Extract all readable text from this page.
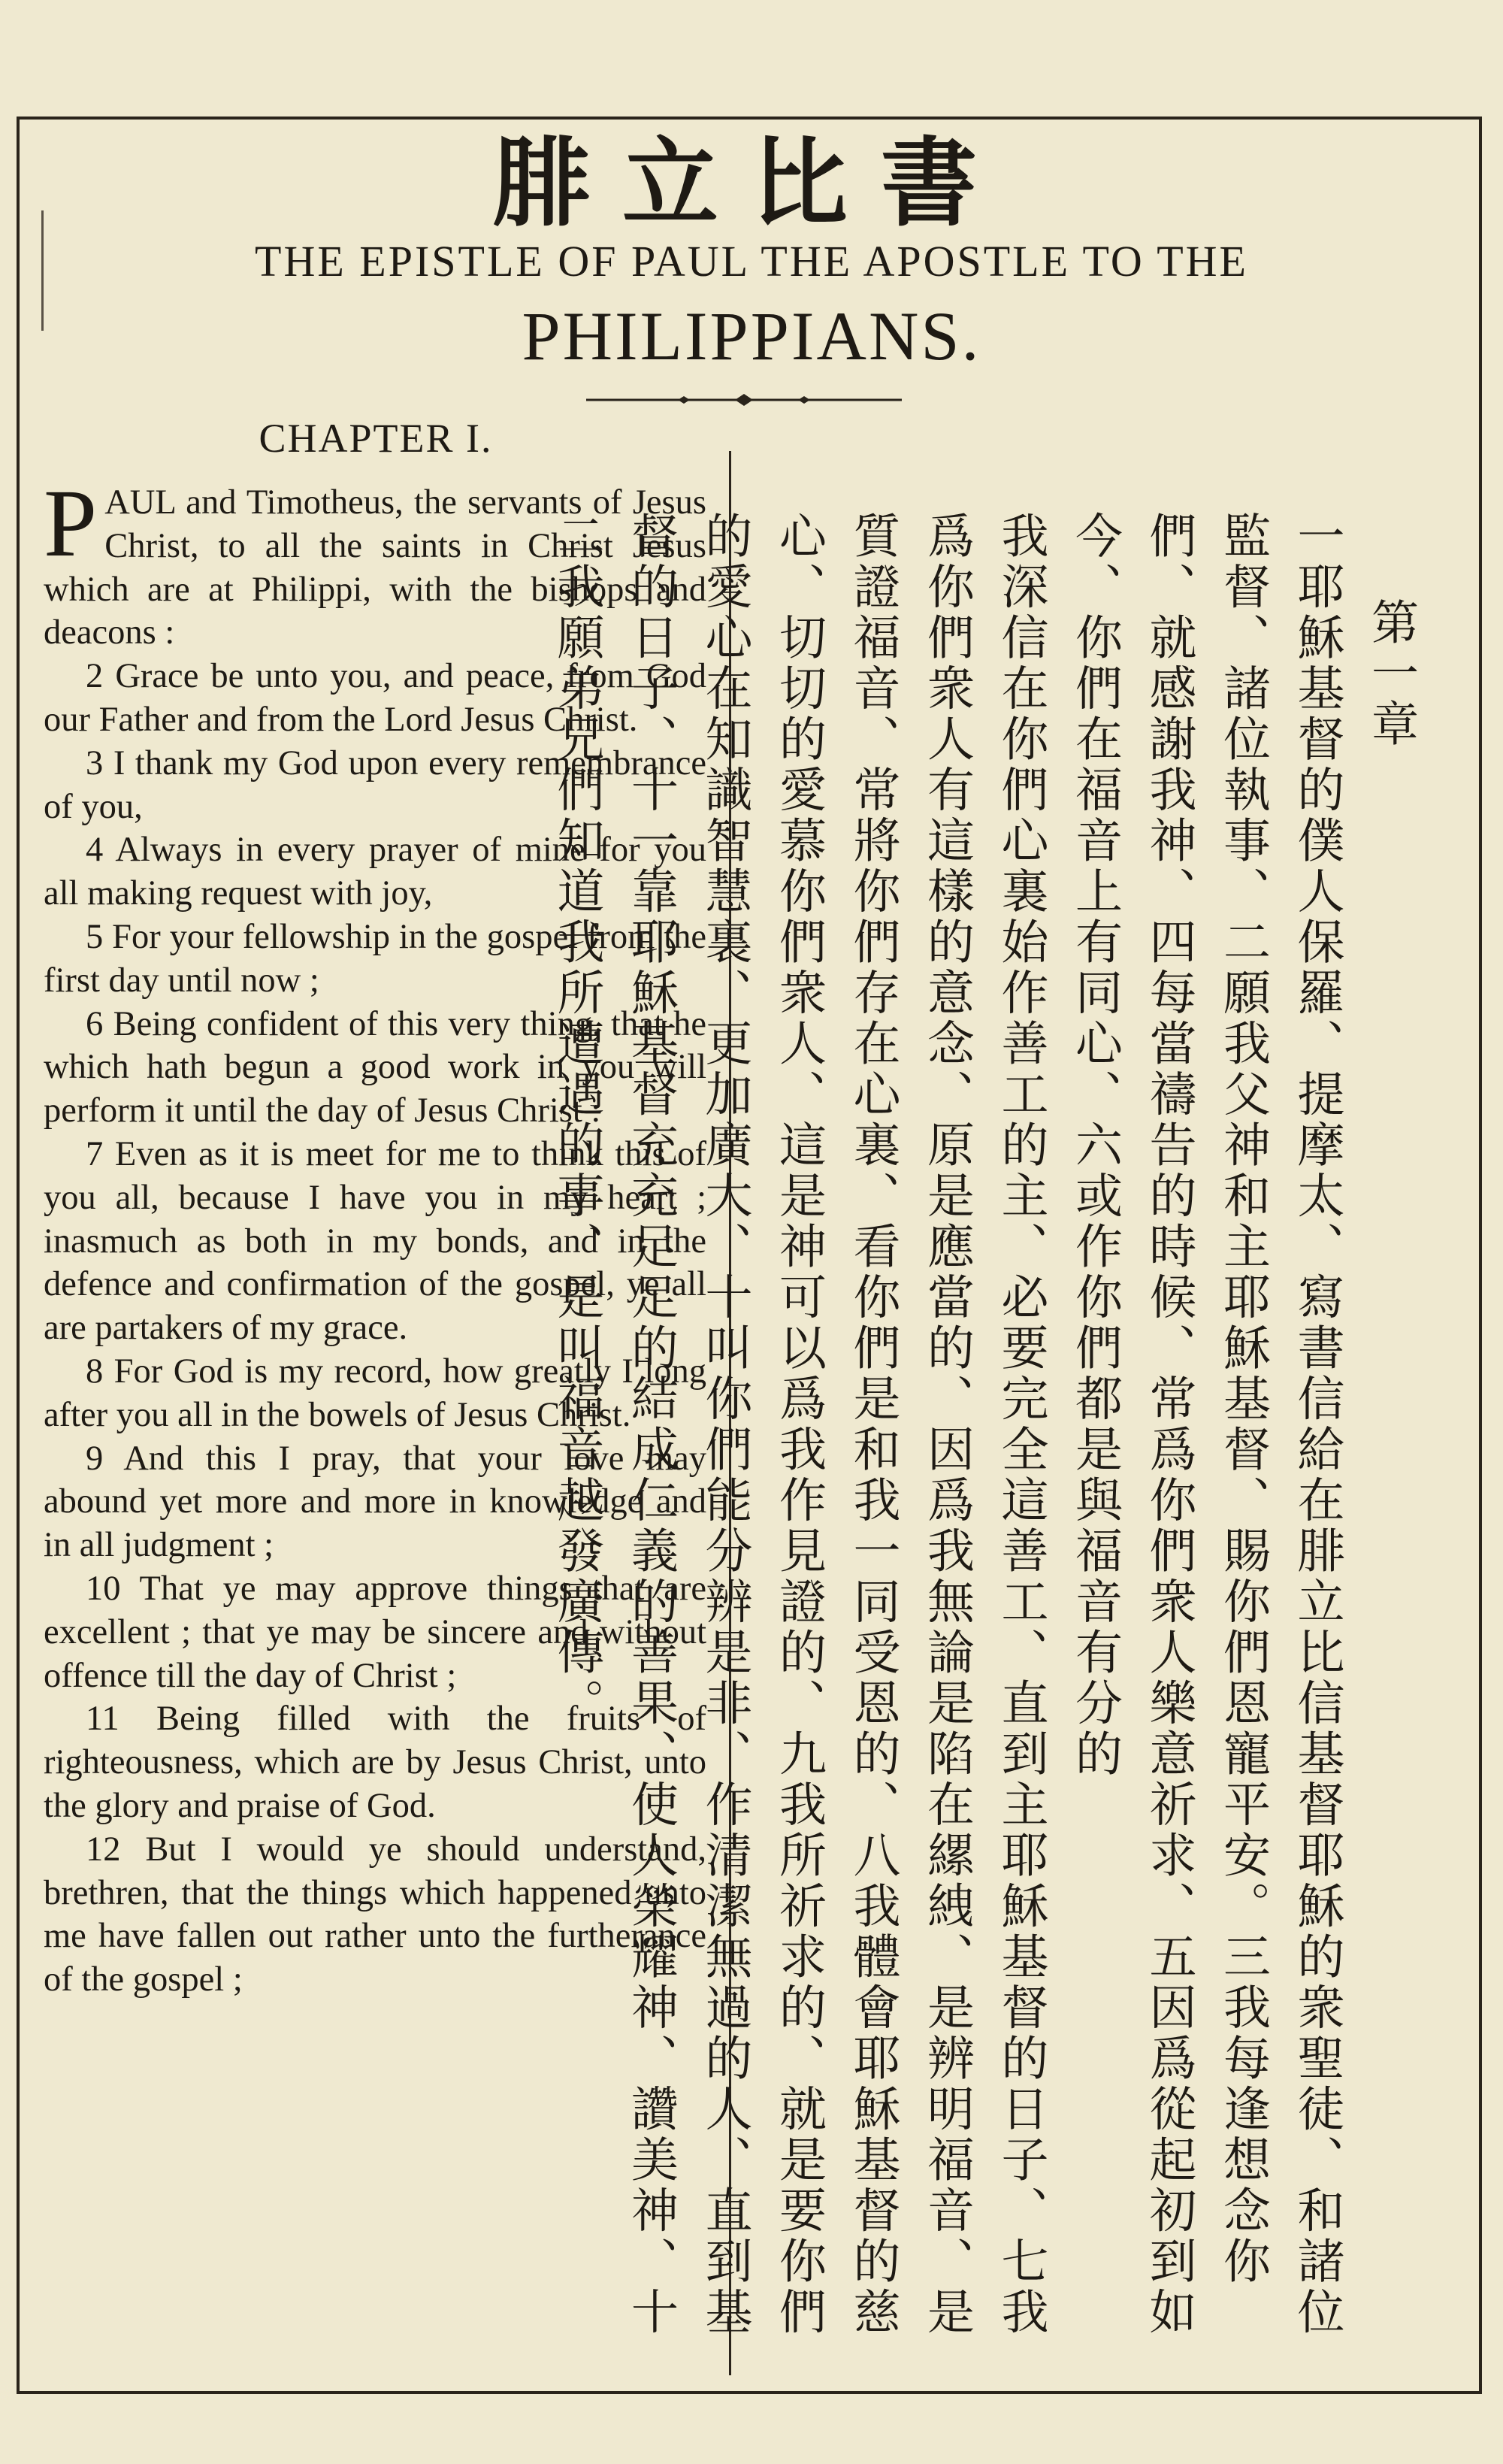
腓立比書
THE EPISTLE OF PAUL THE APOSTLE TO THE
PHILIPPIANS.
CHAPTER I.

PAUL and Timotheus, the servants of Jesus Christ, to all the saints in Christ Jesus which are at Philippi, with the bishops and deacons :

2 Grace be unto you, and peace, from God our Father and from the Lord Jesus Christ.

3 I thank my God upon every remembrance of you,

4 Always in every prayer of mine for you all making request with joy,

5 For your fellowship in the gospel from the first day until now ;

6 Being confident of this very thing, that he which hath begun a good work in you will perform it until the day of Jesus Christ :

7 Even as it is meet for me to think this of you all, because I have you in my heart ; inasmuch as both in my bonds, and in the defence and confirmation of the gospel, ye all are partakers of my grace.

8 For God is my record, how greatly I long after you all in the bowels of Jesus Christ.

9 And this I pray, that your love may abound yet more and more in knowledge and in all judgment ;

10 That ye may approve things that are excellent ; that ye may be sincere and without offence till the day of Christ ;

11 Being filled with the fruits of righteousness, which are by Jesus Christ, unto the glory and praise of God.

12 But I would ye should understand, brethren, that the things which happened unto me have fallen out rather unto the furtherance of the gospel ;

第一章

一耶穌基督的僕人保羅、提摩太、寫書信給在腓立比信基督耶穌的衆聖徒、和諸位監督、諸位執事、二願我父神和主耶穌基督、賜你們恩寵平安。三我每逢想念你們、就感謝我神、四每當禱告的時候、常爲你們衆人樂意祈求、五因爲從起初到如今、你們在福音上有同心、六或作你們都是與福音有分的

我深信在你們心裏始作善工的主、必要完全這善工、直到主耶穌基督的日子、七我爲你們衆人有這樣的意念、原是應當的、因爲我無論是陷在縲絏、是辨明福音、是質證福音、常將你們存在心裏、看你們是和我一同受恩的、八我體會耶穌基督的慈心、切切的愛慕你們衆人、這是神可以爲我作見證的、九我所祈求的、就是要你們的愛心在知識智慧裏、更加廣大、十叫你們能分辨是非、作清潔無過的人、直到基督的日子、十一靠耶穌基督充充足足的結成仁義的善果、使人榮耀神、讚美神、十二我願弟兄們知道我所遭遇的事、是叫福音越發廣傳。
